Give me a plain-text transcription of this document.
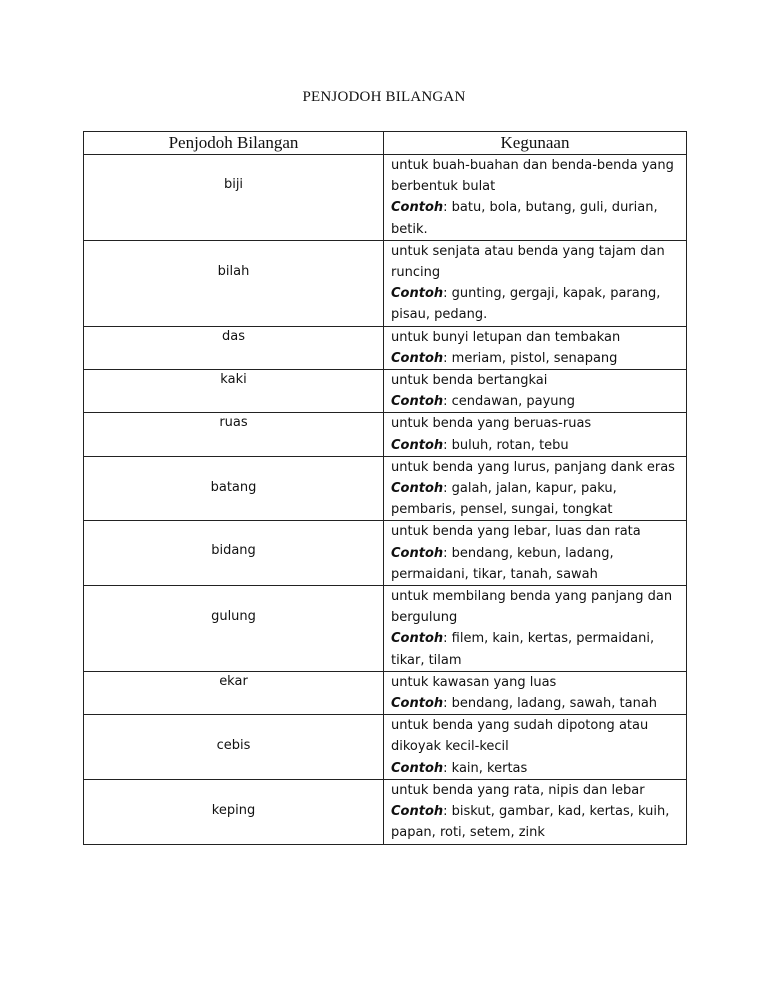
PENJODOH BILANGAN
Penjodoh Bilangan	Kegunaan

biji	untuk buah-buahan dan benda-benda yang berbentuk bulat
Contoh: batu, bola, butang, guli, durian, betik.

bilah	untuk senjata atau benda yang tajam dan runcing
Contoh: gunting, gergaji, kapak, parang, pisau, pedang.

das	untuk bunyi letupan dan tembakan
Contoh: meriam, pistol, senapang

kaki	untuk benda bertangkai
Contoh: cendawan, payung

ruas	untuk benda yang beruas-ruas
Contoh: buluh, rotan, tebu

batang	untuk benda yang lurus, panjang dank eras
Contoh: galah, jalan, kapur, paku, pembaris, pensel, sungai, tongkat

bidang	untuk benda yang lebar, luas dan rata
Contoh: bendang, kebun, ladang, permaidani, tikar, tanah, sawah

gulung	untuk membilang benda yang panjang dan bergulung
Contoh: filem, kain, kertas, permaidani, tikar, tilam

ekar	untuk kawasan yang luas
Contoh: bendang, ladang, sawah, tanah

cebis	untuk benda yang sudah dipotong atau dikoyak kecil-kecil
Contoh: kain, kertas

keping	untuk benda yang rata, nipis dan lebar
Contoh: biskut, gambar, kad, kertas, kuih, papan, roti, setem, zink
